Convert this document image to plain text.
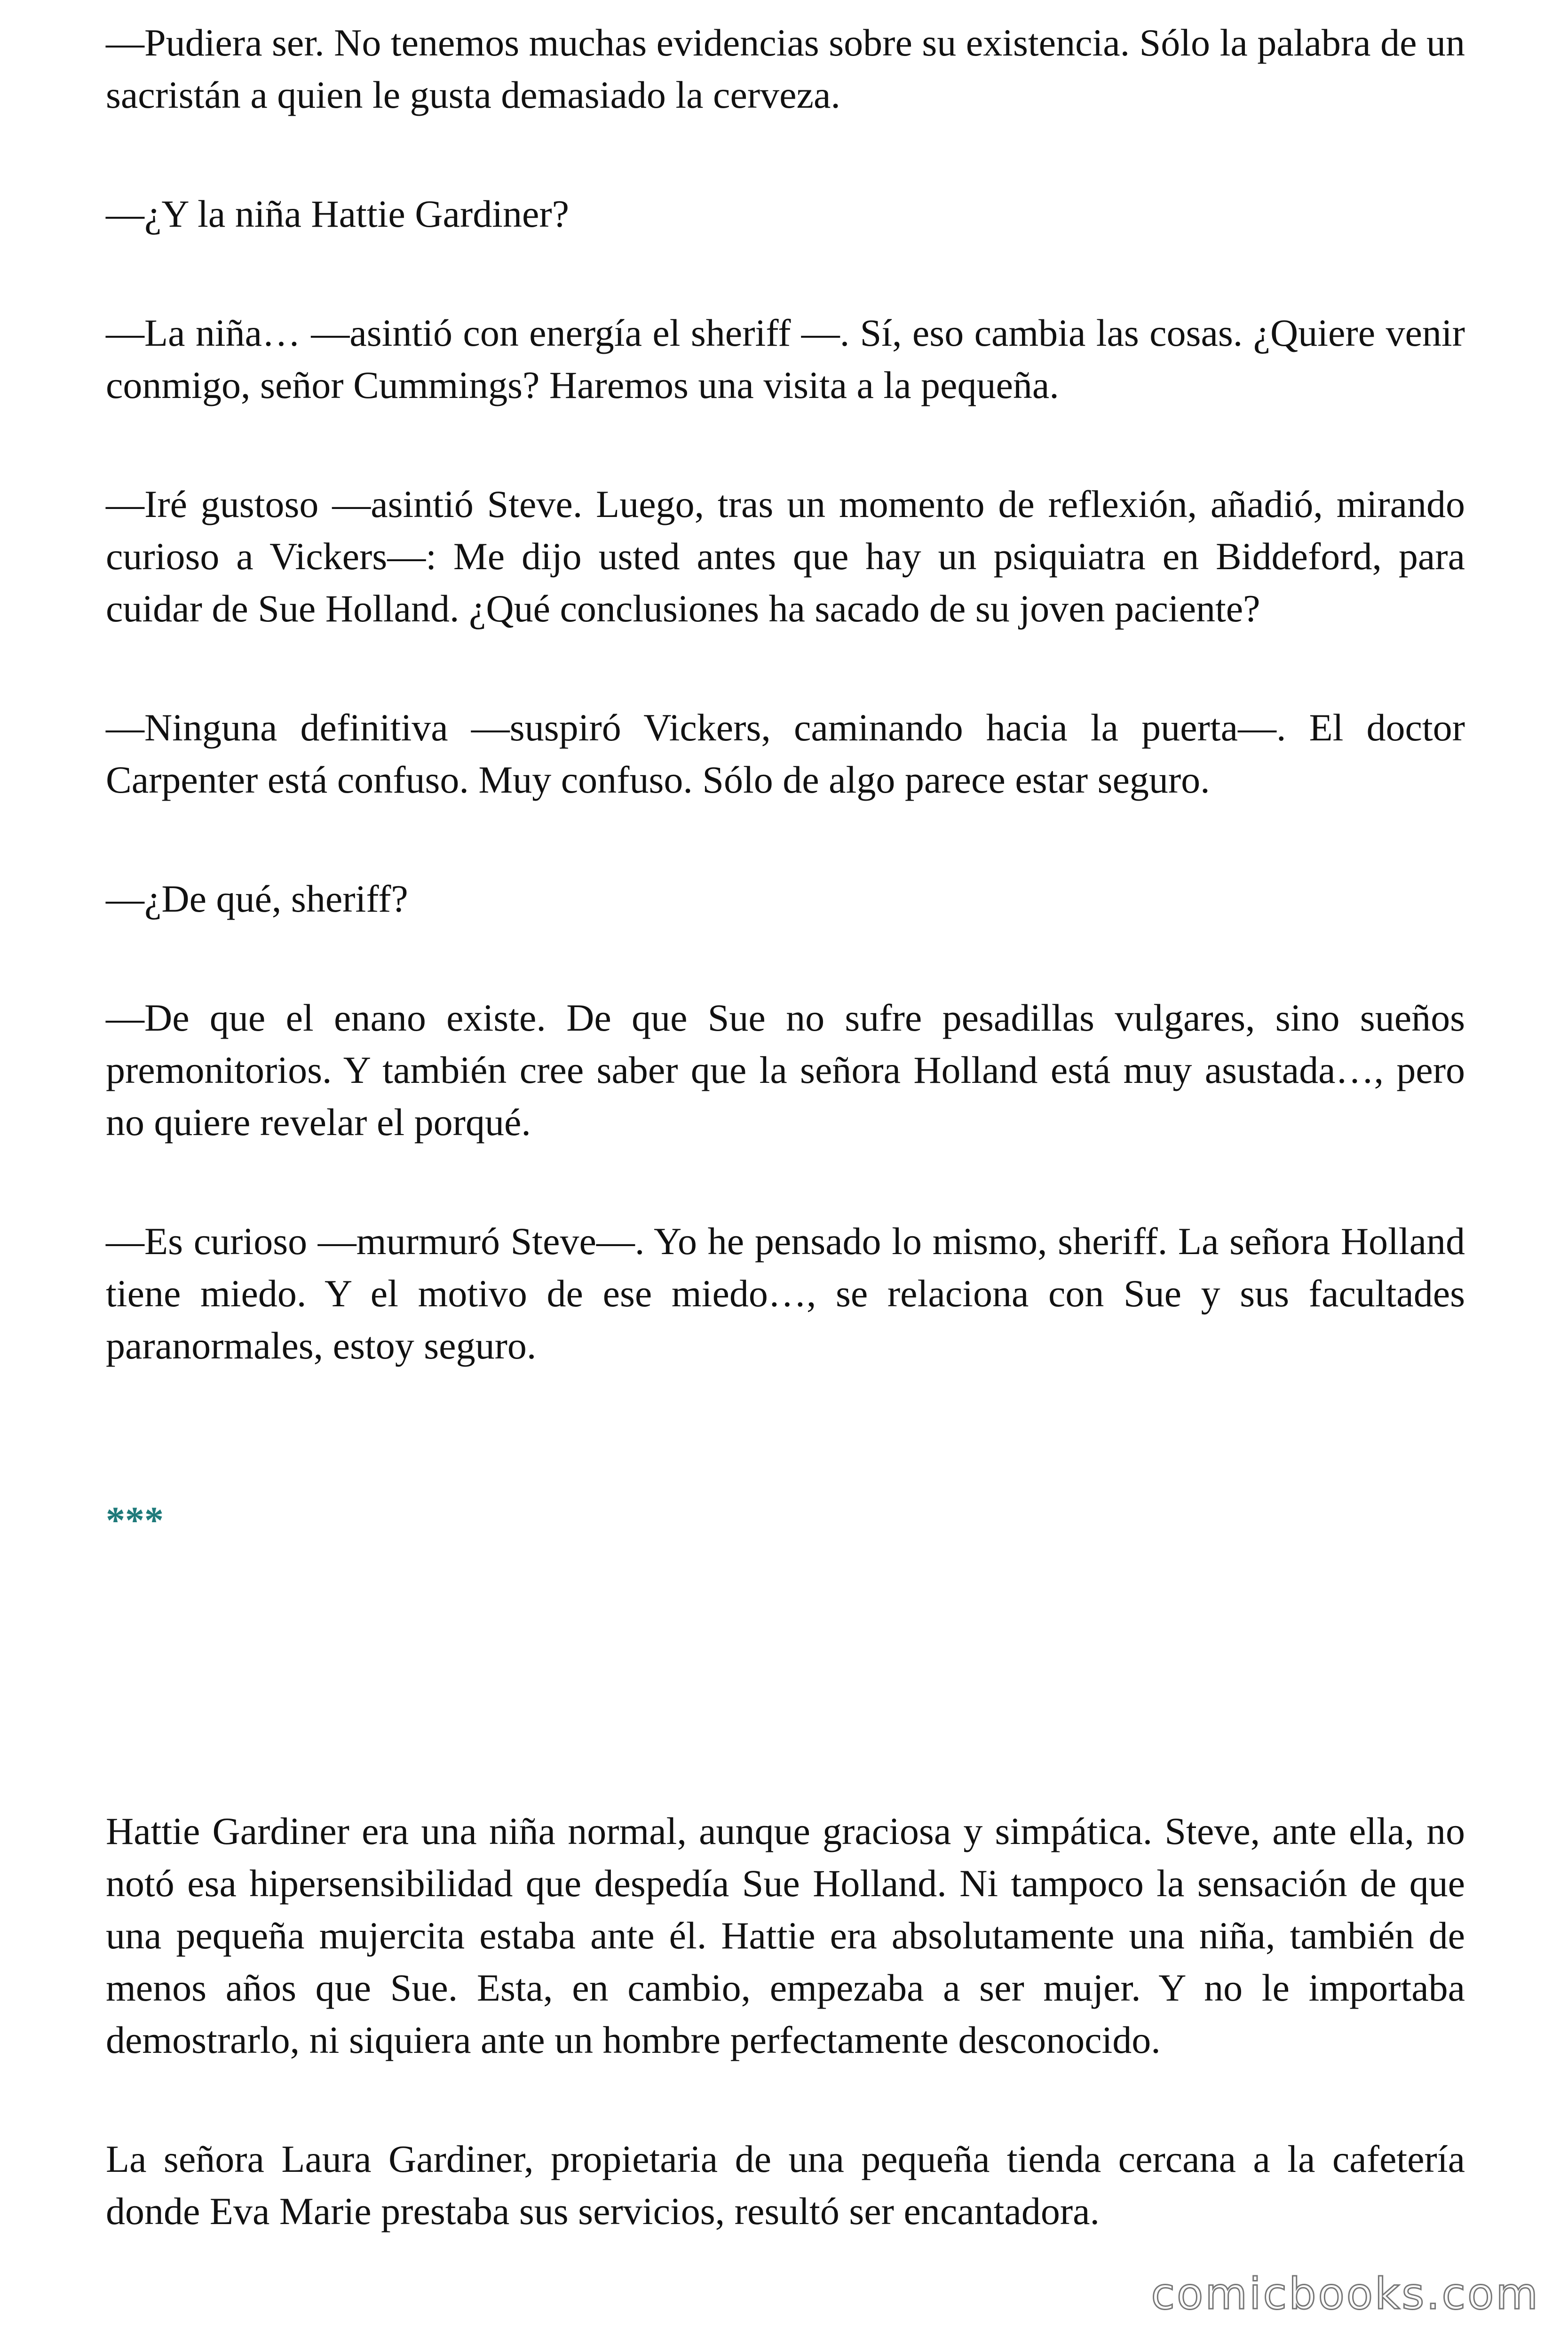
—Pudiera ser. No tenemos muchas evidencias sobre su existencia. Sólo la palabra de un sacristán a quien le gusta demasiado la cerveza.

—¿Y la niña Hattie Gardiner?

—La niña… —asintió con energía el sheriff —. Sí, eso cambia las cosas. ¿Quiere venir conmigo, señor Cummings? Haremos una visita a la pequeña.

—Iré gustoso —asintió Steve. Luego, tras un momento de reflexión, añadió, mirando curioso a Vickers—: Me dijo usted antes que hay un psiquiatra en Biddeford, para cuidar de Sue Holland. ¿Qué conclusiones ha sacado de su joven paciente?

—Ninguna definitiva —suspiró Vickers, caminando hacia la puerta—. El doctor Carpenter está confuso. Muy confuso. Sólo de algo parece estar seguro.

—¿De qué, sheriff?

—De que el enano existe. De que Sue no sufre pesadillas vulgares, sino sueños premonitorios. Y también cree saber que la señora Holland está muy asustada…, pero no quiere revelar el porqué.

—Es curioso —murmuró Steve—. Yo he pensado lo mismo, sheriff. La señora Holland tiene miedo. Y el motivo de ese miedo…, se relaciona con Sue y sus facultades paranormales, estoy seguro.

***

Hattie Gardiner era una niña normal, aunque graciosa y simpática. Steve, ante ella, no notó esa hipersensibilidad que despedía Sue Holland. Ni tampoco la sensación de que una pequeña mujercita estaba ante él. Hattie era absolutamente una niña, también de menos años que Sue. Esta, en cambio, empezaba a ser mujer. Y no le importaba demostrarlo, ni siquiera ante un hombre perfectamente desconocido.

La señora Laura Gardiner, propietaria de una pequeña tienda cercana a la cafetería donde Eva Marie prestaba sus servicios, resultó ser encantadora.

comicbooks.com
